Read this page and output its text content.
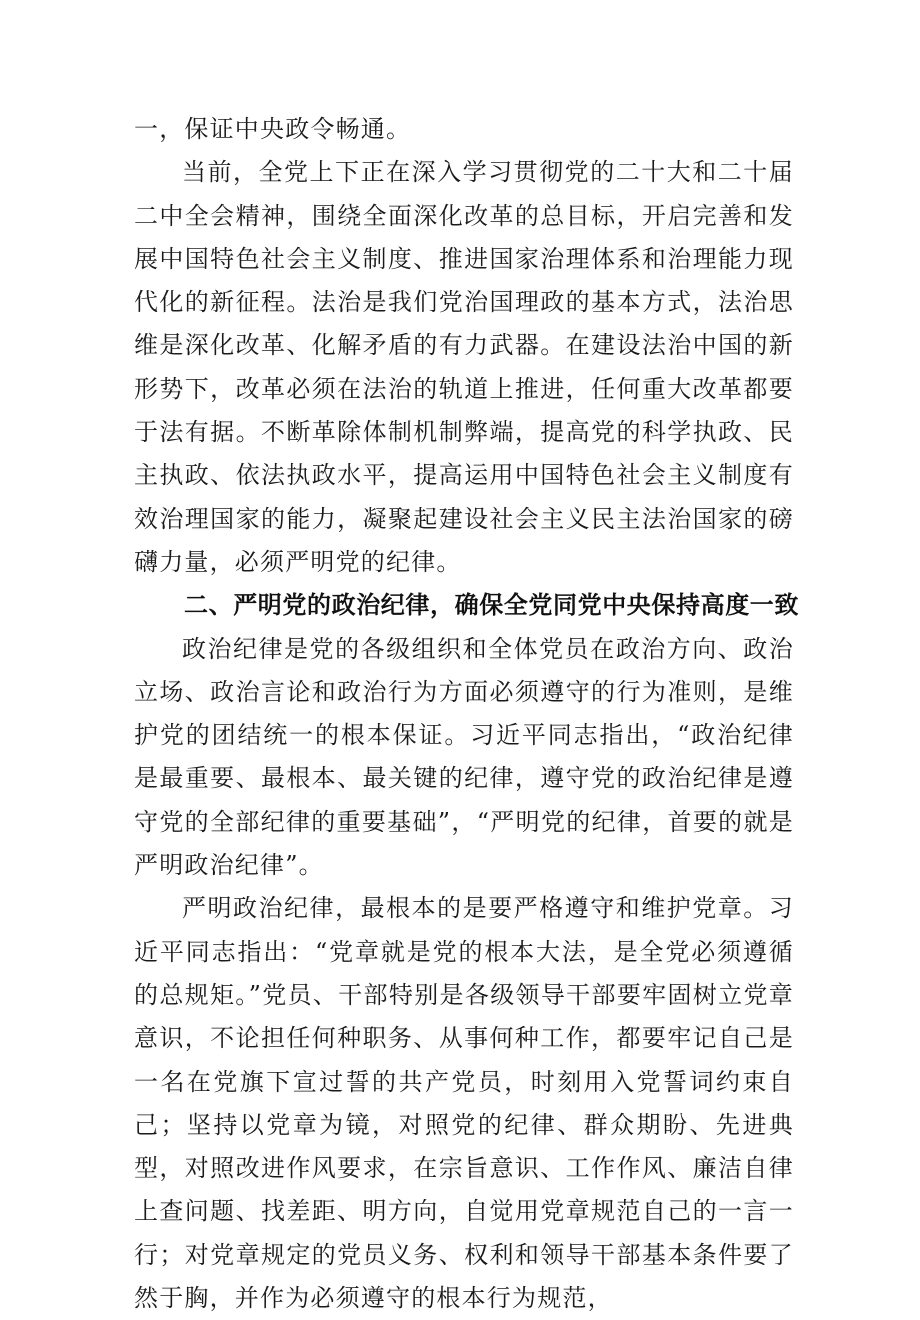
一，保证中央政令畅通。

当前，全党上下正在深入学习贯彻党的二十大和二十届二中全会精神，围绕全面深化改革的总目标，开启完善和发展中国特色社会主义制度、推进国家治理体系和治理能力现代化的新征程。法治是我们党治国理政的基本方式，法治思维是深化改革、化解矛盾的有力武器。在建设法治中国的新形势下，改革必须在法治的轨道上推进，任何重大改革都要于法有据。不断革除体制机制弊端，提高党的科学执政、民主执政、依法执政水平，提高运用中国特色社会主义制度有效治理国家的能力，凝聚起建设社会主义民主法治国家的磅礴力量，必须严明党的纪律。

二、严明党的政治纪律，确保全党同党中央保持高度一致

政治纪律是党的各级组织和全体党员在政治方向、政治立场、政治言论和政治行为方面必须遵守的行为准则，是维护党的团结统一的根本保证。习近平同志指出，“政治纪律是最重要、最根本、最关键的纪律，遵守党的政治纪律是遵守党的全部纪律的重要基础”，“严明党的纪律，首要的就是严明政治纪律”。

严明政治纪律，最根本的是要严格遵守和维护党章。习近平同志指出：“党章就是党的根本大法，是全党必须遵循的总规矩。”党员、干部特别是各级领导干部要牢固树立党章意识，不论担任何种职务、从事何种工作，都要牢记自己是一名在党旗下宣过誓的共产党员，时刻用入党誓词约束自己；坚持以党章为镜，对照党的纪律、群众期盼、先进典型，对照改进作风要求，在宗旨意识、工作作风、廉洁自律上查问题、找差距、明方向，自觉用党章规范自己的一言一行；对党章规定的党员义务、权利和领导干部基本条件要了然于胸，并作为必须遵守的根本行为规范，
